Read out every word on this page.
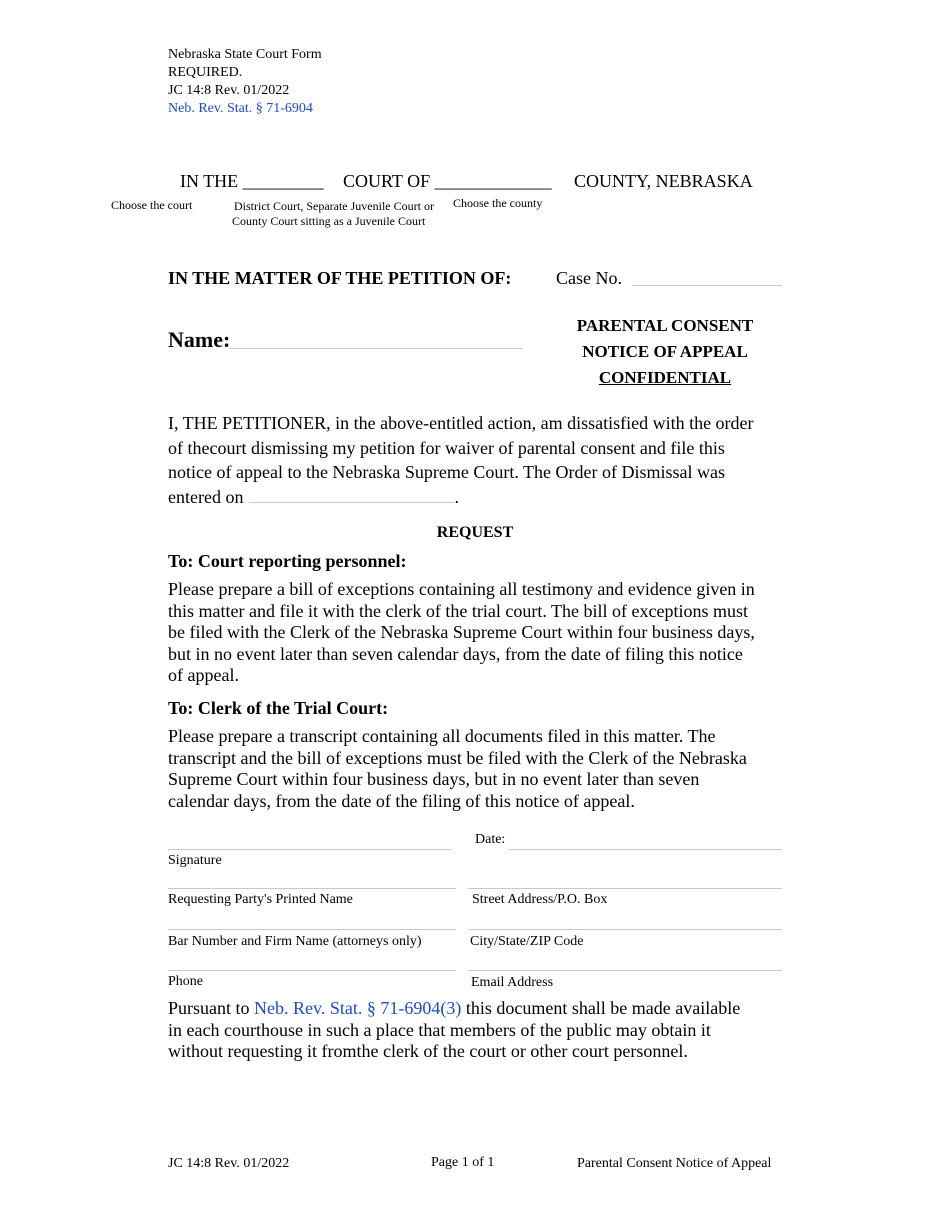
Nebraska State Court Form
REQUIRED.
JC 14:8 Rev. 01/2022
Neb. Rev. Stat. § 71-6904
IN THE _________ COURT OF _____________ COUNTY, NEBRASKA
Choose the court	District Court, Separate Juvenile Court or
County Court sitting as a Juvenile Court
Choose the county
IN THE MATTER OF THE PETITION OF: Case No.
Name:
PARENTAL CONSENT
NOTICE OF APPEAL
CONFIDENTIAL
I, THE PETITIONER, in the above-entitled action, am dissatisfied with the order
of thecourt dismissing my petition for waiver of parental consent and file this
notice of appeal to the Nebraska Supreme Court. The Order of Dismissal was
entered on	.
REQUEST
To: Court reporting personnel:
Please prepare a bill of exceptions containing all testimony and evidence given in
this matter and file it with the clerk of the trial court. The bill of exceptions must
be filed with the Clerk of the Nebraska Supreme Court within four business days,
but in no event later than seven calendar days, from the date of filing this notice
of appeal.
To: Clerk of the Trial Court:
Please prepare a transcript containing all documents filed in this matter. The
transcript and the bill of exceptions must be filed with the Clerk of the Nebraska
Supreme Court within four business days, but in no event later than seven
calendar days, from the date of the filing of this notice of appeal.
Date:
Signature
Requesting Party's Printed Name	Street Address/P.O. Box
Bar Number and Firm Name (attorneys only)	City/State/ZIP Code
Phone	Email Address
Pursuant to Neb. Rev. Stat. § 71-6904(3) this document shall be made available
in each courthouse in such a place that members of the public may obtain it
without requesting it fromthe clerk of the court or other court personnel.
JC 14:8 Rev. 01/2022	Page 1 of 1	Parental Consent Notice of Appeal
